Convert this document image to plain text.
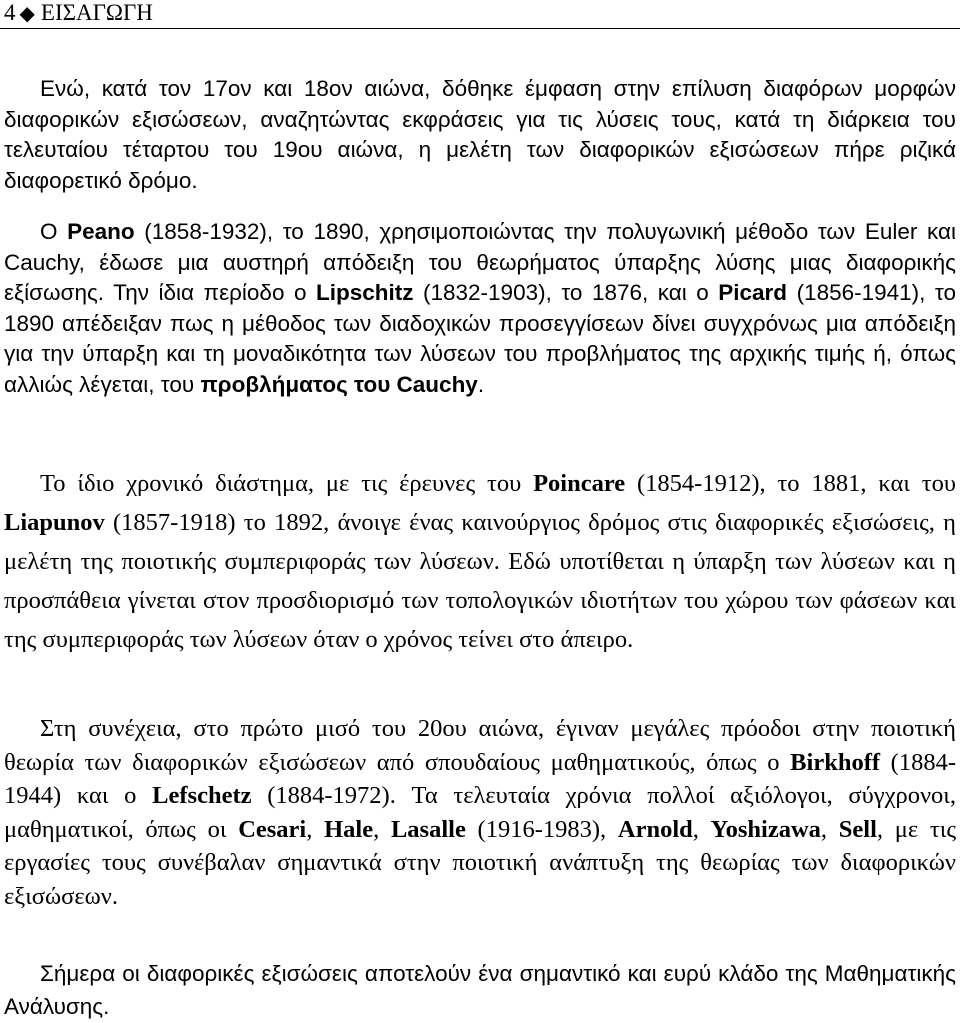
4 ◆ ΕΙΣΑΓΩΓΗ
Ενώ, κατά τον 17ον και 18ον αιώνα, δόθηκε έμφαση στην επίλυση διαφόρων μορφών διαφορικών εξισώσεων, αναζητώντας εκφράσεις για τις λύσεις τους, κατά τη διάρκεια του τελευταίου τέταρτου του 19ου αιώνα, η μελέτη των διαφορικών εξισώσεων πήρε ριζικά διαφορετικό δρόμο.
Ο Peano (1858-1932), το 1890, χρησιμοποιώντας την πολυγωνική μέθοδο των Euler και Cauchy, έδωσε μια αυστηρή απόδειξη του θεωρήματος ύπαρξης λύσης μιας διαφορικής εξίσωσης. Την ίδια περίοδο ο Lipschitz (1832-1903), το 1876, και ο Picard (1856-1941), το 1890 απέδειξαν πως η μέθοδος των διαδοχικών προσεγγίσεων δίνει συγχρόνως μια απόδειξη για την ύπαρξη και τη μοναδικότητα των λύσεων του προβλήματος της αρχικής τιμής ή, όπως αλλιώς λέγεται, του προβλήματος του Cauchy.
Το ίδιο χρονικό διάστημα, με τις έρευνες του Poincare (1854-1912), το 1881, και του Liapunov (1857-1918) το 1892, άνοιγε ένας καινούργιος δρόμος στις διαφορικές εξισώσεις, η μελέτη της ποιοτικής συμπεριφοράς των λύσεων. Εδώ υποτίθεται η ύπαρξη των λύσεων και η προσπάθεια γίνεται στον προσδιορισμό των τοπολογικών ιδιοτήτων του χώρου των φάσεων και της συμπεριφοράς των λύσεων όταν ο χρόνος τείνει στο άπειρο.
Στη συνέχεια, στο πρώτο μισό του 20ου αιώνα, έγιναν μεγάλες πρόοδοι στην ποιοτική θεωρία των διαφορικών εξισώσεων από σπουδαίους μαθηματικούς, όπως ο Birkhoff (1884-1944) και ο Lefschetz (1884-1972). Τα τελευταία χρόνια πολλοί αξιόλογοι, σύγχρονοι, μαθηματικοί, όπως οι Cesari, Hale, Lasalle (1916-1983), Arnold, Yoshizawa, Sell, με τις εργασίες τους συνέβαλαν σημαντικά στην ποιοτική ανάπτυξη της θεωρίας των διαφορικών εξισώσεων.
Σήμερα οι διαφορικές εξισώσεις αποτελούν ένα σημαντικό και ευρύ κλάδο της Μαθηματικής Ανάλυσης.
